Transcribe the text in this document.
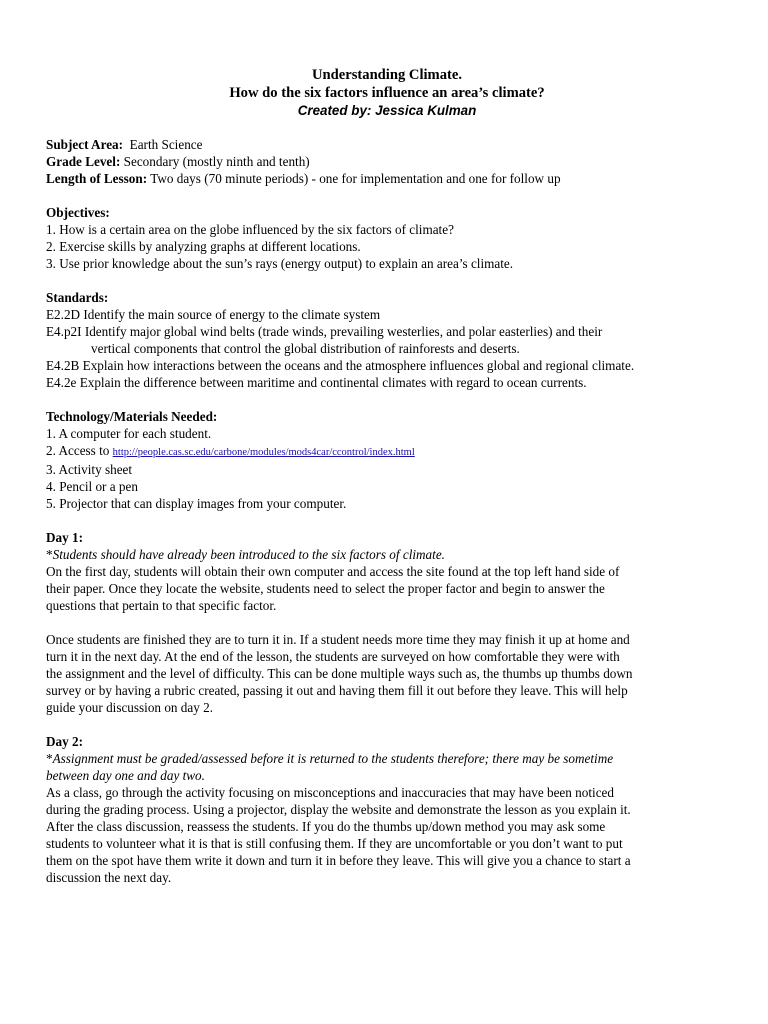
Understanding Climate.
How do the six factors influence an area’s climate?
Created by: Jessica Kulman
Subject Area: Earth Science
Grade Level: Secondary (mostly ninth and tenth)
Length of Lesson: Two days (70 minute periods) - one for implementation and one for follow up
Objectives:
1. How is a certain area on the globe influenced by the six factors of climate?
2. Exercise skills by analyzing graphs at different locations.
3. Use prior knowledge about the sun’s rays (energy output) to explain an area’s climate.
Standards:
E2.2D Identify the main source of energy to the climate system
E4.p2I Identify major global wind belts (trade winds, prevailing westerlies, and polar easterlies) and their
vertical components that control the global distribution of rainforests and deserts.
E4.2B Explain how interactions between the oceans and the atmosphere influences global and regional climate.
E4.2e Explain the difference between maritime and continental climates with regard to ocean currents.
Technology/Materials Needed:
1. A computer for each student.
2. Access to http://people.cas.sc.edu/carbone/modules/mods4car/ccontrol/index.html
3. Activity sheet
4. Pencil or a pen
5. Projector that can display images from your computer.
Day 1:
*Students should have already been introduced to the six factors of climate.
On the first day, students will obtain their own computer and access the site found at the top left hand side of
their paper. Once they locate the website, students need to select the proper factor and begin to answer the
questions that pertain to that specific factor.
Once students are finished they are to turn it in. If a student needs more time they may finish it up at home and
turn it in the next day. At the end of the lesson, the students are surveyed on how comfortable they were with
the assignment and the level of difficulty. This can be done multiple ways such as, the thumbs up thumbs down
survey or by having a rubric created, passing it out and having them fill it out before they leave. This will help
guide your discussion on day 2.
Day 2:
*Assignment must be graded/assessed before it is returned to the students therefore; there may be sometime
between day one and day two.
As a class, go through the activity focusing on misconceptions and inaccuracies that may have been noticed
during the grading process. Using a projector, display the website and demonstrate the lesson as you explain it.
After the class discussion, reassess the students. If you do the thumbs up/down method you may ask some
students to volunteer what it is that is still confusing them. If they are uncomfortable or you don’t want to put
them on the spot have them write it down and turn it in before they leave. This will give you a chance to start a
discussion the next day.
